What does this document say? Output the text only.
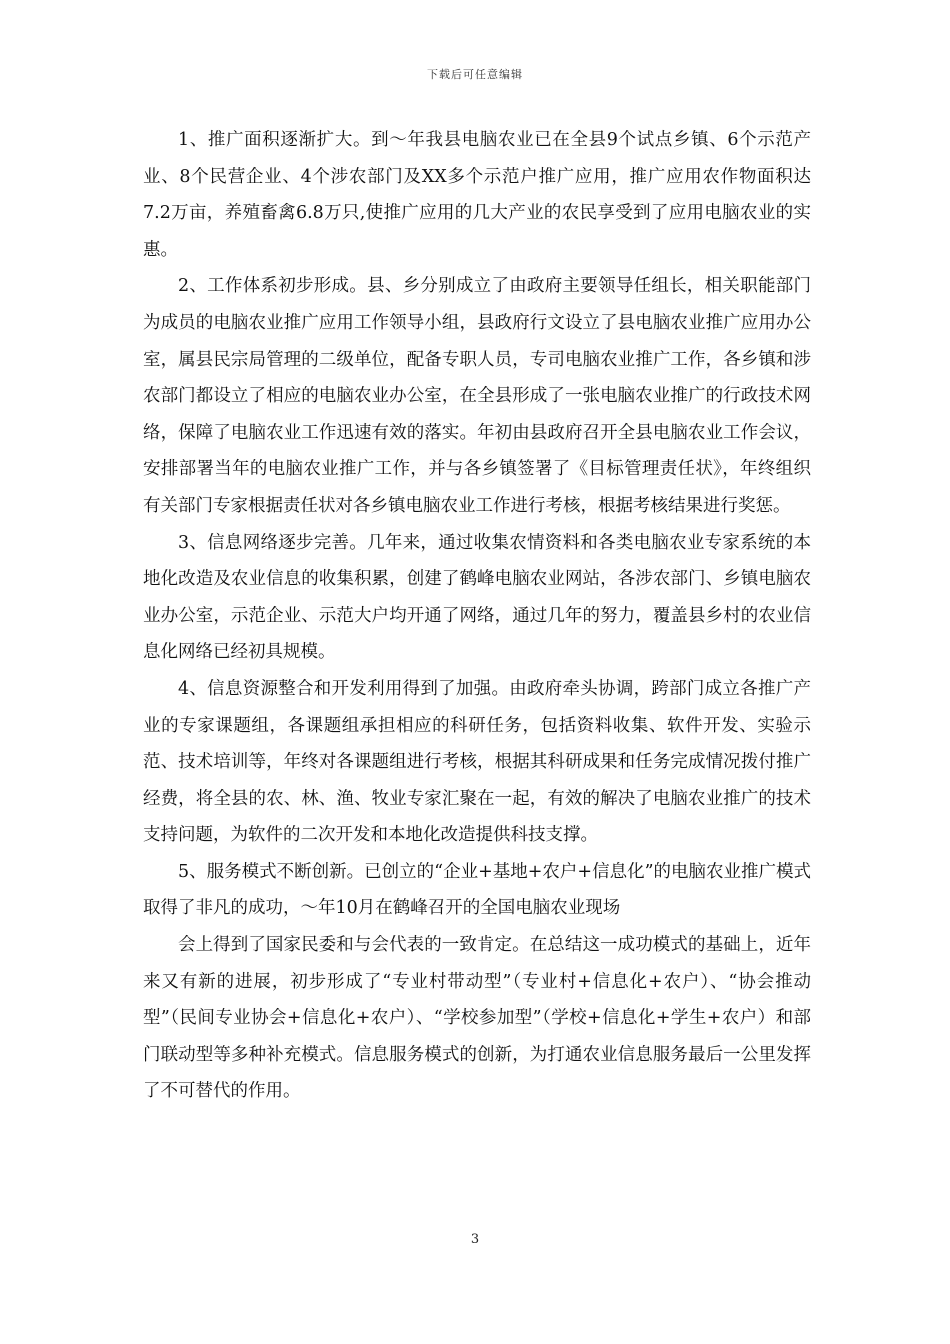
下载后可任意编辑

1、推广面积逐渐扩大。到～年我县电脑农业已在全县9个试点乡镇、6个示范产业、8个民营企业、4个涉农部门及XX多个示范户推广应用，推广应用农作物面积达7.2万亩，养殖畜禽6.8万只,使推广应用的几大产业的农民享受到了应用电脑农业的实惠。

2、工作体系初步形成。县、乡分别成立了由政府主要领导任组长，相关职能部门为成员的电脑农业推广应用工作领导小组，县政府行文设立了县电脑农业推广应用办公室，属县民宗局管理的二级单位，配备专职人员，专司电脑农业推广工作，各乡镇和涉农部门都设立了相应的电脑农业办公室，在全县形成了一张电脑农业推广的行政技术网络，保障了电脑农业工作迅速有效的落实。年初由县政府召开全县电脑农业工作会议，安排部署当年的电脑农业推广工作，并与各乡镇签署了《目标管理责任状》，年终组织有关部门专家根据责任状对各乡镇电脑农业工作进行考核，根据考核结果进行奖惩。

3、信息网络逐步完善。几年来，通过收集农情资料和各类电脑农业专家系统的本地化改造及农业信息的收集积累，创建了鹤峰电脑农业网站，各涉农部门、乡镇电脑农业办公室，示范企业、示范大户均开通了网络，通过几年的努力，覆盖县乡村的农业信息化网络已经初具规模。

4、信息资源整合和开发利用得到了加强。由政府牵头协调，跨部门成立各推广产业的专家课题组，各课题组承担相应的科研任务，包括资料收集、软件开发、实验示范、技术培训等，年终对各课题组进行考核，根据其科研成果和任务完成情况拨付推广经费，将全县的农、林、渔、牧业专家汇聚在一起，有效的解决了电脑农业推广的技术支持问题，为软件的二次开发和本地化改造提供科技支撑。

5、服务模式不断创新。已创立的“企业+基地+农户+信息化”的电脑农业推广模式取得了非凡的成功，～年10月在鹤峰召开的全国电脑农业现场

会上得到了国家民委和与会代表的一致肯定。在总结这一成功模式的基础上，近年来又有新的进展，初步形成了“专业村带动型”（专业村+信息化+农户）、“协会推动型”（民间专业协会+信息化+农户）、“学校参加型”（学校+信息化+学生+农户）和部门联动型等多种补充模式。信息服务模式的创新，为打通农业信息服务最后一公里发挥了不可替代的作用。

3
